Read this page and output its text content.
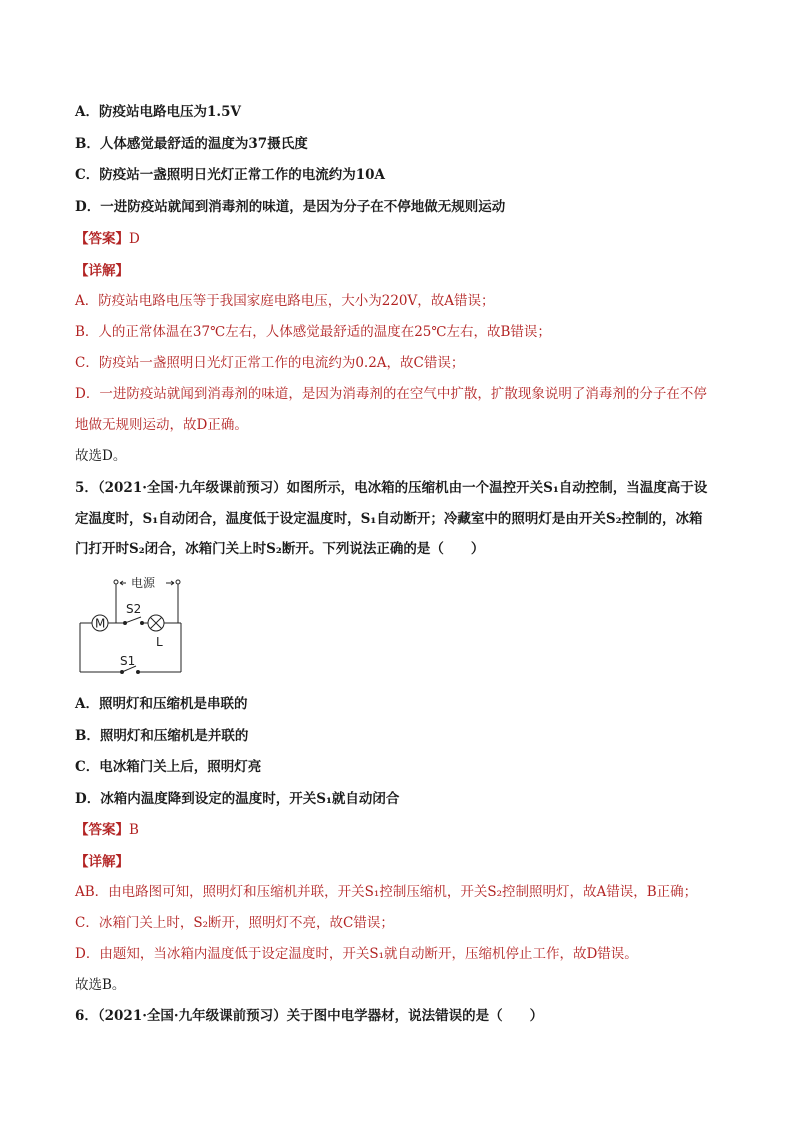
A．防疫站电路电压为1.5V
B．人体感觉最舒适的温度为37摄氏度
C．防疫站一盏照明日光灯正常工作的电流约为10A
D．一进防疫站就闻到消毒剂的味道，是因为分子在不停地做无规则运动
【答案】D
【详解】
A．防疫站电路电压等于我国家庭电路电压，大小为220V，故A错误；
B．人的正常体温在37℃左右，人体感觉最舒适的温度在25℃左右，故B错误；
C．防疫站一盏照明日光灯正常工作的电流约为0.2A，故C错误；
D．一进防疫站就闻到消毒剂的味道，是因为消毒剂的在空气中扩散，扩散现象说明了消毒剂的分子在不停
地做无规则运动，故D正确。
故选D。
5．（2021·全国·九年级课前预习）如图所示，电冰箱的压缩机由一个温控开关S₁自动控制，当温度高于设
定温度时，S₁自动闭合，温度低于设定温度时，S₁自动断开；冷藏室中的照明灯是由开关S₂控制的，冰箱
门打开时S₂闭合，冰箱门关上时S₂断开。下列说法正确的是（　　）
电源
M
S2
L
S1
A．照明灯和压缩机是串联的
B．照明灯和压缩机是并联的
C．电冰箱门关上后，照明灯亮
D．冰箱内温度降到设定的温度时，开关S₁就自动闭合
【答案】B
【详解】
AB．由电路图可知，照明灯和压缩机并联，开关S₁控制压缩机，开关S₂控制照明灯，故A错误，B正确；
C．冰箱门关上时，S₂断开，照明灯不亮，故C错误；
D．由题知，当冰箱内温度低于设定温度时，开关S₁就自动断开，压缩机停止工作，故D错误。
故选B。
6．（2021·全国·九年级课前预习）关于图中电学器材，说法错误的是（　　）
